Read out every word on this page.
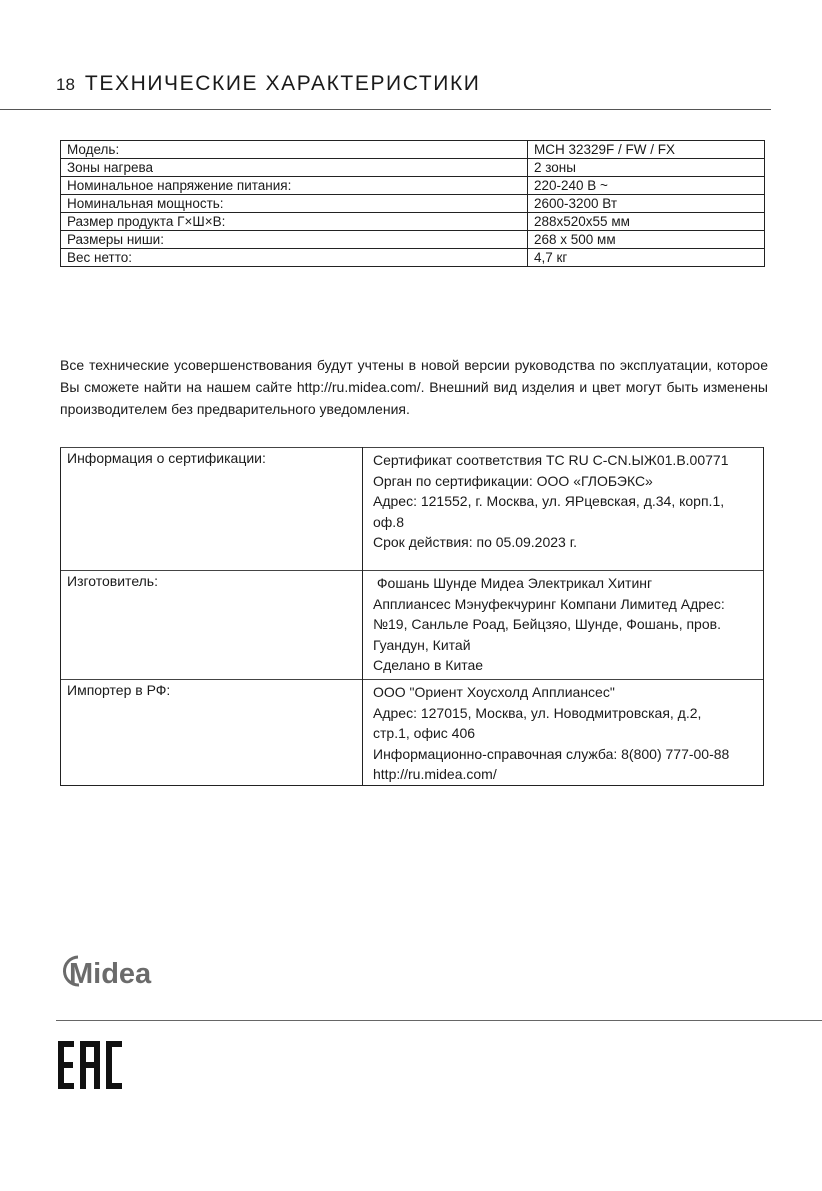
18 ТЕХНИЧЕСКИЕ ХАРАКТЕРИСТИКИ
Модель:	MCH 32329F / FW / FX
Зоны нагрева	2 зоны
Номинальное напряжение питания:	220-240 В ~
Номинальная мощность:	2600-3200 Вт
Размер продукта Г×Ш×В:	288x520x55 мм
Размеры ниши:	268 x 500 мм
Вес нетто:	4,7 кг

Все технические усовершенствования будут учтены в новой версии руководства по эксплуатации, которое Вы сможете найти на нашем сайте http://ru.midea.com/. Внешний вид изделия и цвет могут быть изменены производителем без предварительного уведомления.

Информация о сертификации:	Сертификат соответствия TC RU C-CN.ЫЖ01.В.00771
Орган по сертификации: ООО «ГЛОБЭКС»
Адрес: 121552, г. Москва, ул. ЯРцевская, д.34, корп.1,
оф.8
Срок действия: по 05.09.2023 г.

Изготовитель:	Фошань Шунде Мидеа Электрикал Хитинг
Апплиансес Мэнуфекчуринг Компани Лимитед Адрес:
№19, Санльле Роад, Бейцзяо, Шунде, Фошань, пров.
Гуандун, Китай
Сделано в Китае

Импортер в РФ:	ООО "Ориент Хоусхолд Апплиансес"
Адрес: 127015, Москва, ул. Новодмитровская, д.2,
стр.1, офис 406
Информационно-справочная служба: 8(800) 777-00-88
http://ru.midea.com/
Midea
